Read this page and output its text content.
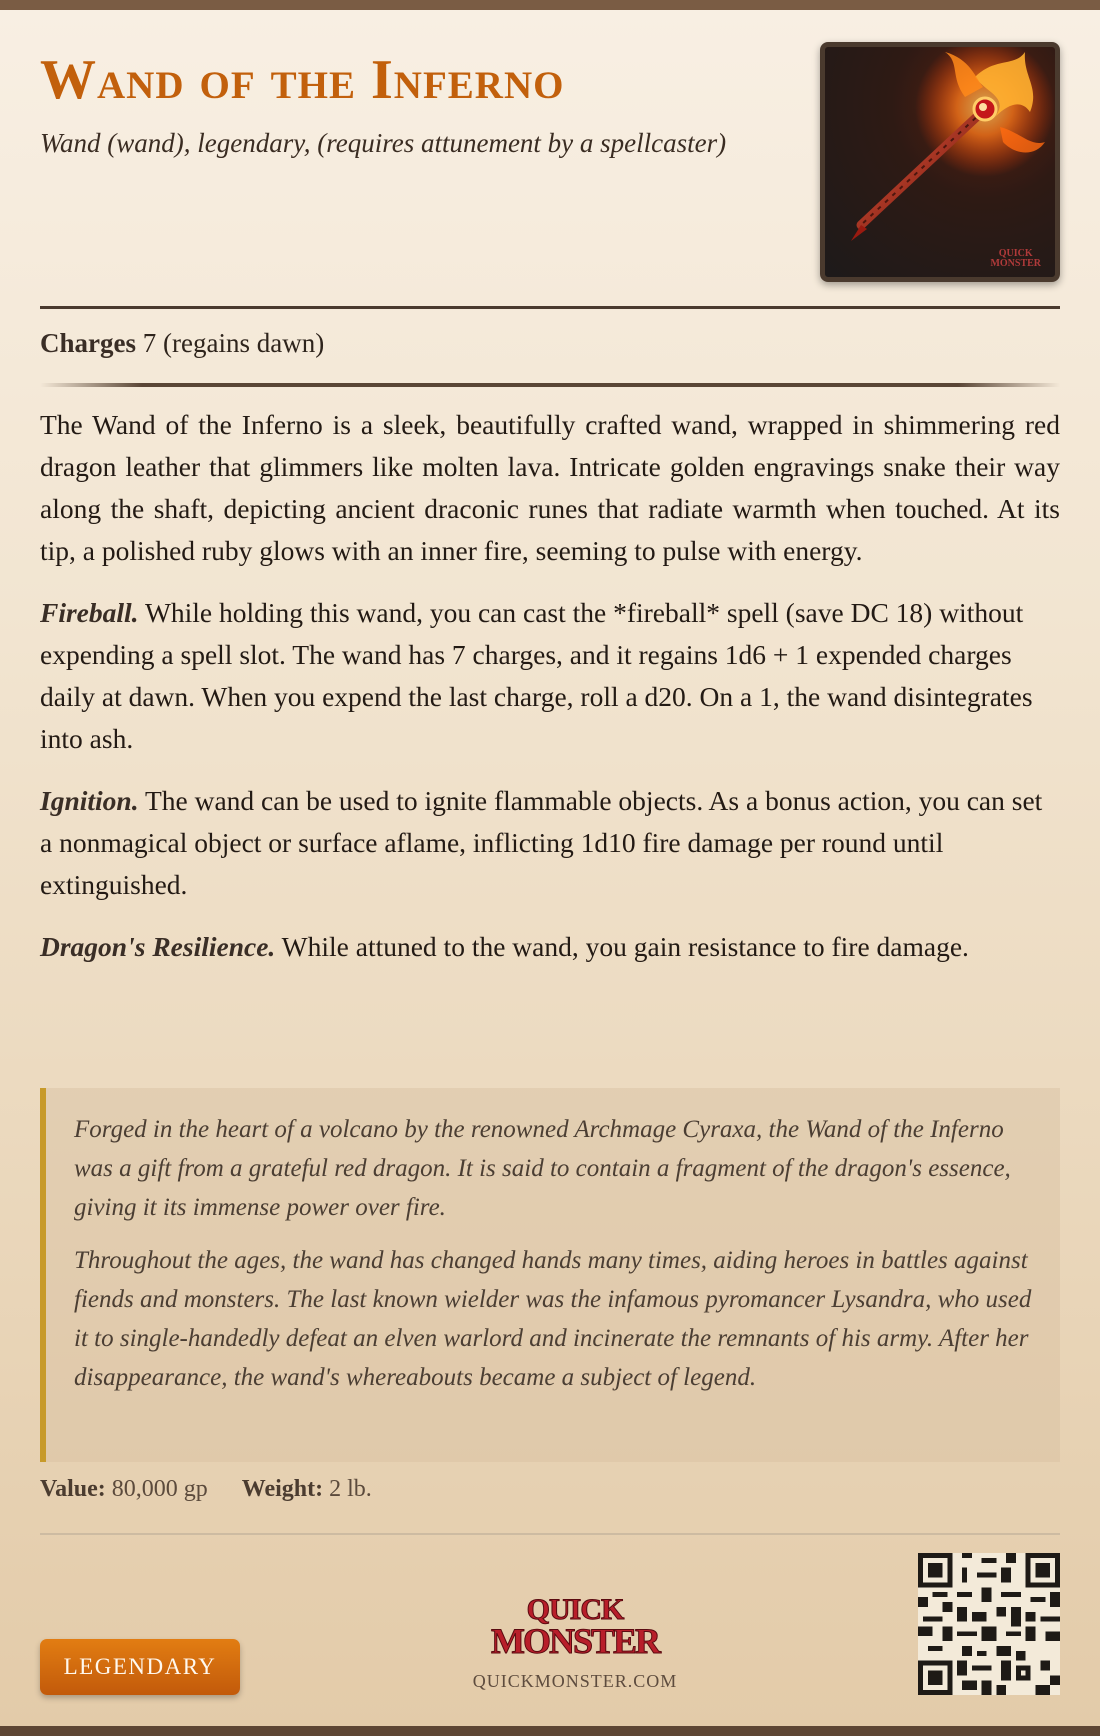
Wand of the Inferno
Wand (wand), legendary, (requires attunement by a spellcaster)
QUICK
MONSTER
Charges 7 (regains dawn)

The Wand of the Inferno is a sleek, beautifully crafted wand, wrapped in shimmering red dragon leather that glimmers like molten lava. Intricate golden engravings snake their way along the shaft, depicting ancient draconic runes that radiate warmth when touched. At its tip, a polished ruby glows with an inner fire, seeming to pulse with energy.

Fireball. While holding this wand, you can cast the *fireball* spell (save DC 18) without expending a spell slot. The wand has 7 charges, and it regains 1d6 + 1 expended charges daily at dawn. When you expend the last charge, roll a d20. On a 1, the wand disintegrates into ash.

Ignition. The wand can be used to ignite flammable objects. As a bonus action, you can set a nonmagical object or surface aflame, inflicting 1d10 fire damage per round until extinguished.

Dragon's Resilience. While attuned to the wand, you gain resistance to fire damage.

Forged in the heart of a volcano by the renowned Archmage Cyraxa, the Wand of the Inferno was a gift from a grateful red dragon. It is said to contain a fragment of the dragon's essence, giving it its immense power over fire.

Throughout the ages, the wand has changed hands many times, aiding heroes in battles against fiends and monsters. The last known wielder was the infamous pyromancer Lysandra, who used it to single-handedly defeat an elven warlord and incinerate the remnants of his army. After her disappearance, the wand's whereabouts became a subject of legend.

Value: 80,000 gp Weight: 2 lb.
LEGENDARY
QUICK
MONSTER
QUICKMONSTER.COM
